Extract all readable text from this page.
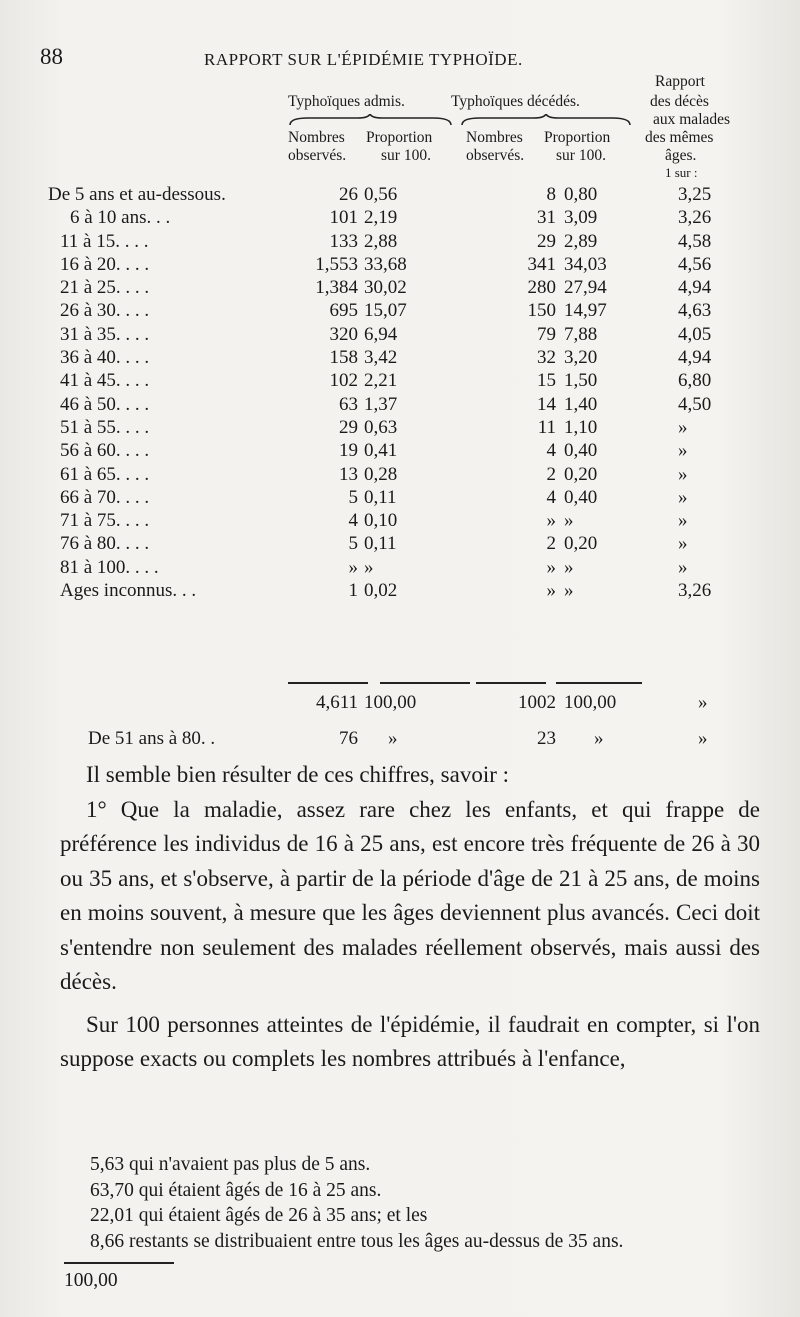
88	RAPPORT SUR L'ÉPIDÉMIE TYPHOÏDE.
Typhoïques admis.	Typhoïques décédés.
Rapport
des décès
aux malades
des mêmes
âges.
1 sur :
Nombres Proportion Nombres Proportion
observés. sur 100. observés. sur 100.
De 5 ans et au-dessous.	26 0,56	8 0,80	3,25
6 à 10 ans. . .	101 2,19	31 3,09	3,26
11 à 15. . . .	133 2,88	29 2,89	4,58
16 à 20. . . .	1,553 33,68	341 34,03	4,56
21 à 25. . . .	1,384 30,02	280 27,94	4,94
26 à 30. . . .	695 15,07	150 14,97	4,63
31 à 35. . . .	320 6,94	79 7,88	4,05
36 à 40. . . .	158 3,42	32 3,20	4,94
41 à 45. . . .	102 2,21	15 1,50	6,80
46 à 50. . . .	63 1,37	14 1,40	4,50
51 à 55. . . .	29 0,63	11 1,10	»
56 à 60. . . .	19 0,41	4 0,40	»
61 à 65. . . .	13 0,28	2 0,20	»
66 à 70. . . .	5 0,11	4 0,40	»
71 à 75. . . .	4 0,10	» »	»
76 à 80. . . .	5 0,11	2 0,20	»
81 à 100. . . .	» »	» »	»
Ages inconnus. . .	1 0,02	» »	3,26
4,611 100,00	1002 100,00	»
De 51 ans à 80. .	76 »	23 »	»

Il semble bien résulter de ces chiffres, savoir :

1° Que la maladie, assez rare chez les enfants, et qui frappe de préférence les individus de 16 à 25 ans, est encore très fréquente de 26 à 30 ou 35 ans, et s'observe, à partir de la période d'âge de 21 à 25 ans, de moins en moins souvent, à mesure que les âges deviennent plus avancés. Ceci doit s'entendre non seulement des malades réellement observés, mais aussi des décès.

Sur 100 personnes atteintes de l'épidémie, il faudrait en compter, si l'on suppose exacts ou complets les nombres attribués à l'enfance,

5,63 qui n'avaient pas plus de 5 ans.
63,70 qui étaient âgés de 16 à 25 ans.
22,01 qui étaient âgés de 26 à 35 ans; et les
8,66 restants se distribuaient entre tous les âges au-dessus de 35 ans.
100,00
